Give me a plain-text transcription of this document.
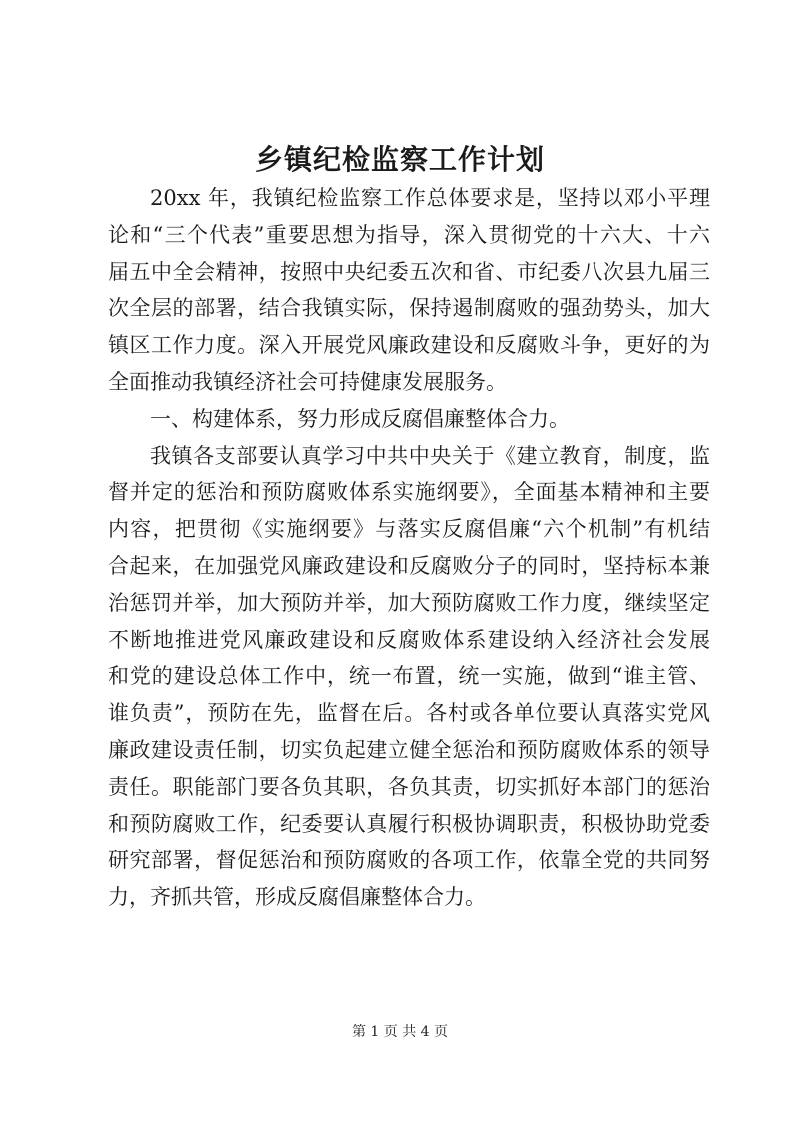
乡镇纪检监察工作计划
20xx 年，我镇纪检监察工作总体要求是，坚持以邓小平理
论和“三个代表”重要思想为指导，深入贯彻党的十六大、十六
届五中全会精神，按照中央纪委五次和省、市纪委八次县九届三
次全层的部署，结合我镇实际，保持遏制腐败的强劲势头，加大
镇区工作力度。深入开展党风廉政建设和反腐败斗争，更好的为
全面推动我镇经济社会可持健康发展服务。
一、构建体系，努力形成反腐倡廉整体合力。
我镇各支部要认真学习中共中央关于《建立教育，制度，监
督并定的惩治和预防腐败体系实施纲要》，全面基本精神和主要
内容，把贯彻《实施纲要》与落实反腐倡廉“六个机制”有机结
合起来，在加强党风廉政建设和反腐败分子的同时，坚持标本兼
治惩罚并举，加大预防并举，加大预防腐败工作力度，继续坚定
不断地推进党风廉政建设和反腐败体系建设纳入经济社会发展
和党的建设总体工作中，统一布置，统一实施，做到“谁主管、
谁负责”，预防在先，监督在后。各村或各单位要认真落实党风
廉政建设责任制，切实负起建立健全惩治和预防腐败体系的领导
责任。职能部门要各负其职，各负其责，切实抓好本部门的惩治
和预防腐败工作，纪委要认真履行积极协调职责，积极协助党委
研究部署，督促惩治和预防腐败的各项工作，依靠全党的共同努
力，齐抓共管，形成反腐倡廉整体合力。
第 1 页 共 4 页
